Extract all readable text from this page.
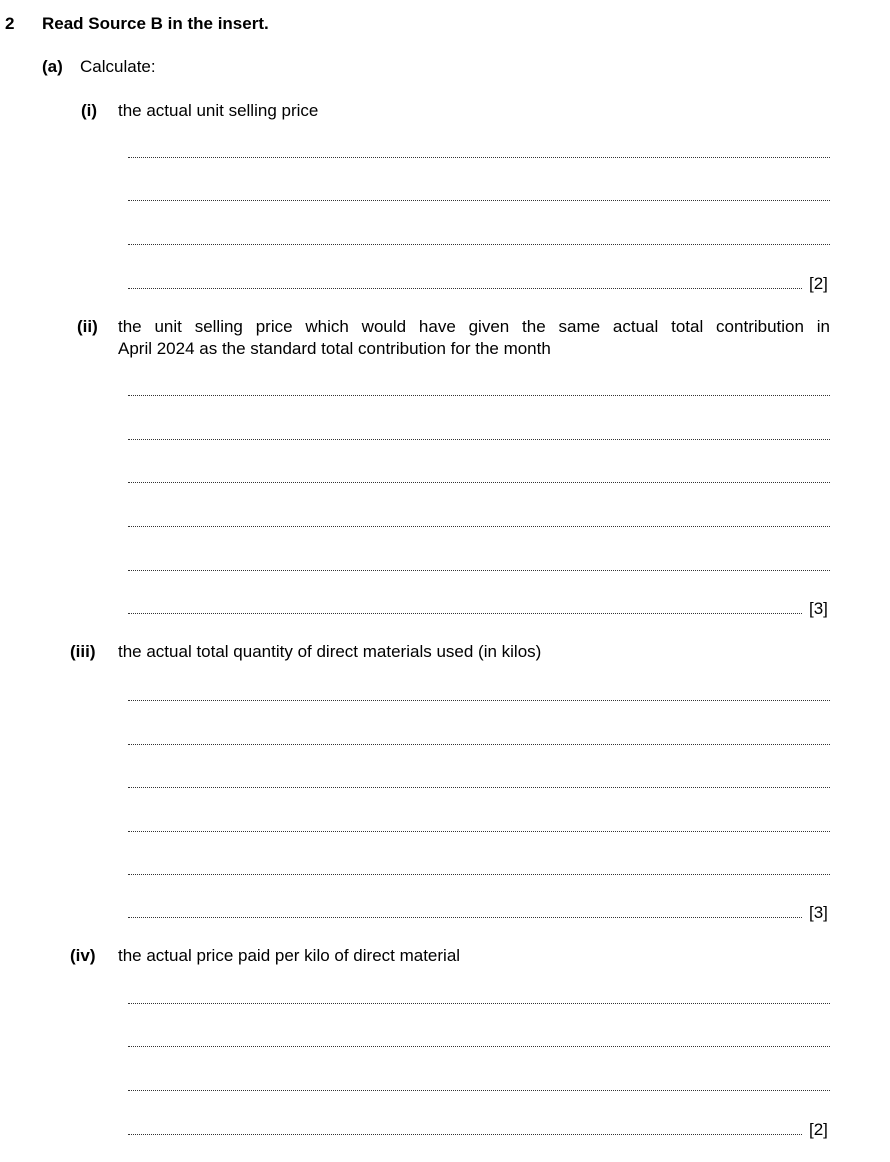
2 Read Source B in the insert.
(a) Calculate:
(i) the actual unit selling price
[2]
(ii) the unit selling price which would have given the same actual total contribution in
April 2024 as the standard total contribution for the month
[3]
(iii) the actual total quantity of direct materials used (in kilos)
[3]
(iv) the actual price paid per kilo of direct material
[2]
